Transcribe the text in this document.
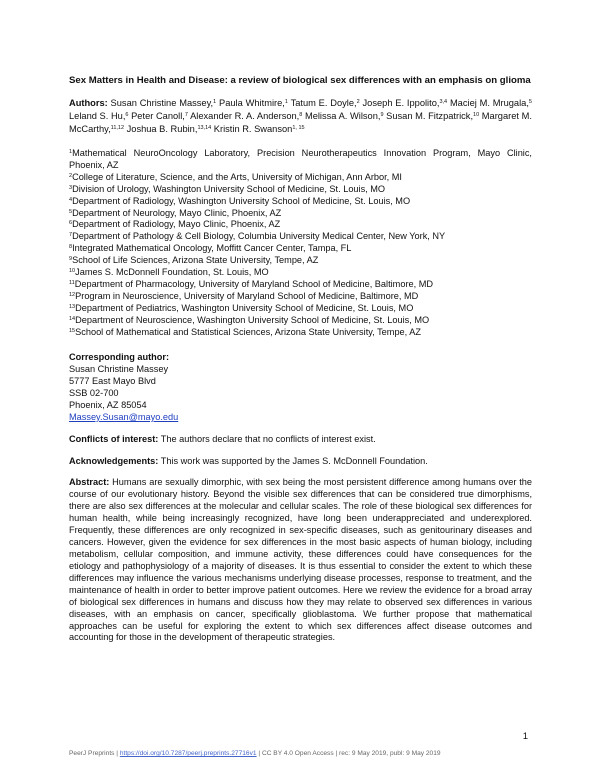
Sex Matters in Health and Disease: a review of biological sex differences with an emphasis on glioma

Authors: Susan Christine Massey,$^1$ Paula Whitmire,$^1$ Tatum E. Doyle,$^2$ Joseph E. Ippolito,$^{3,4}$ Maciej M. Mrugala,$^5$ Leland S. Hu,$^6$ Peter Canoll,$^7$ Alexander R. A. Anderson,$^8$ Melissa A. Wilson,$^9$ Susan M. Fitzpatrick,$^{10}$ Margaret M. McCarthy,$^{11,12}$ Joshua B. Rubin,$^{13,14}$ Kristin R. Swanson$^{1, 15}$

$^1$Mathematical NeuroOncology Laboratory, Precision Neurotherapeutics Innovation Program, Mayo Clinic, Phoenix, AZ
$^2$College of Literature, Science, and the Arts, University of Michigan, Ann Arbor, MI
$^3$Division of Urology, Washington University School of Medicine, St. Louis, MO
$^4$Department of Radiology, Washington University School of Medicine, St. Louis, MO
$^5$Department of Neurology, Mayo Clinic, Phoenix, AZ
$^6$Department of Radiology, Mayo Clinic, Phoenix, AZ
$^7$Department of Pathology & Cell Biology, Columbia University Medical Center, New York, NY
$^8$Integrated Mathematical Oncology, Moffitt Cancer Center, Tampa, FL
$^9$School of Life Sciences, Arizona State University, Tempe, AZ
$^{10}$James S. McDonnell Foundation, St. Louis, MO
$^{11}$Department of Pharmacology, University of Maryland School of Medicine, Baltimore, MD
$^{12}$Program in Neuroscience, University of Maryland School of Medicine, Baltimore, MD
$^{13}$Department of Pediatrics, Washington University School of Medicine, St. Louis, MO
$^{14}$Department of Neuroscience, Washington University School of Medicine, St. Louis, MO
$^{15}$School of Mathematical and Statistical Sciences, Arizona State University, Tempe, AZ
Corresponding author:
Susan Christine Massey
5777 East Mayo Blvd
SSB 02-700
Phoenix, AZ 85054
Massey.Susan@mayo.edu

Conflicts of interest: The authors declare that no conflicts of interest exist.

Acknowledgements: This work was supported by the James S. McDonnell Foundation.

Abstract: Humans are sexually dimorphic, with sex being the most persistent difference among humans over the course of our evolutionary history. Beyond the visible sex differences that can be considered true dimorphisms, there are also sex differences at the molecular and cellular scales. The role of these biological sex differences for human health, while being increasingly recognized, have long been underappreciated and underexplored. Frequently, these differences are only recognized in sex-specific diseases, such as genitourinary diseases and cancers. However, given the evidence for sex differences in the most basic aspects of human biology, including metabolism, cellular composition, and immune activity, these differences could have consequences for the etiology and pathophysiology of a majority of diseases. It is thus essential to consider the extent to which these differences may influence the various mechanisms underlying disease processes, response to treatment, and the maintenance of health in order to better improve patient outcomes. Here we review the evidence for a broad array of biological sex differences in humans and discuss how they may relate to observed sex differences in various diseases, with an emphasis on cancer, specifically glioblastoma. We further propose that mathematical approaches can be useful for exploring the extent to which sex differences affect disease outcomes and accounting for those in the development of therapeutic strategies.

1
PeerJ Preprints | https://doi.org/10.7287/peerj.preprints.27716v1 | CC BY 4.0 Open Access | rec: 9 May 2019, publ: 9 May 2019
